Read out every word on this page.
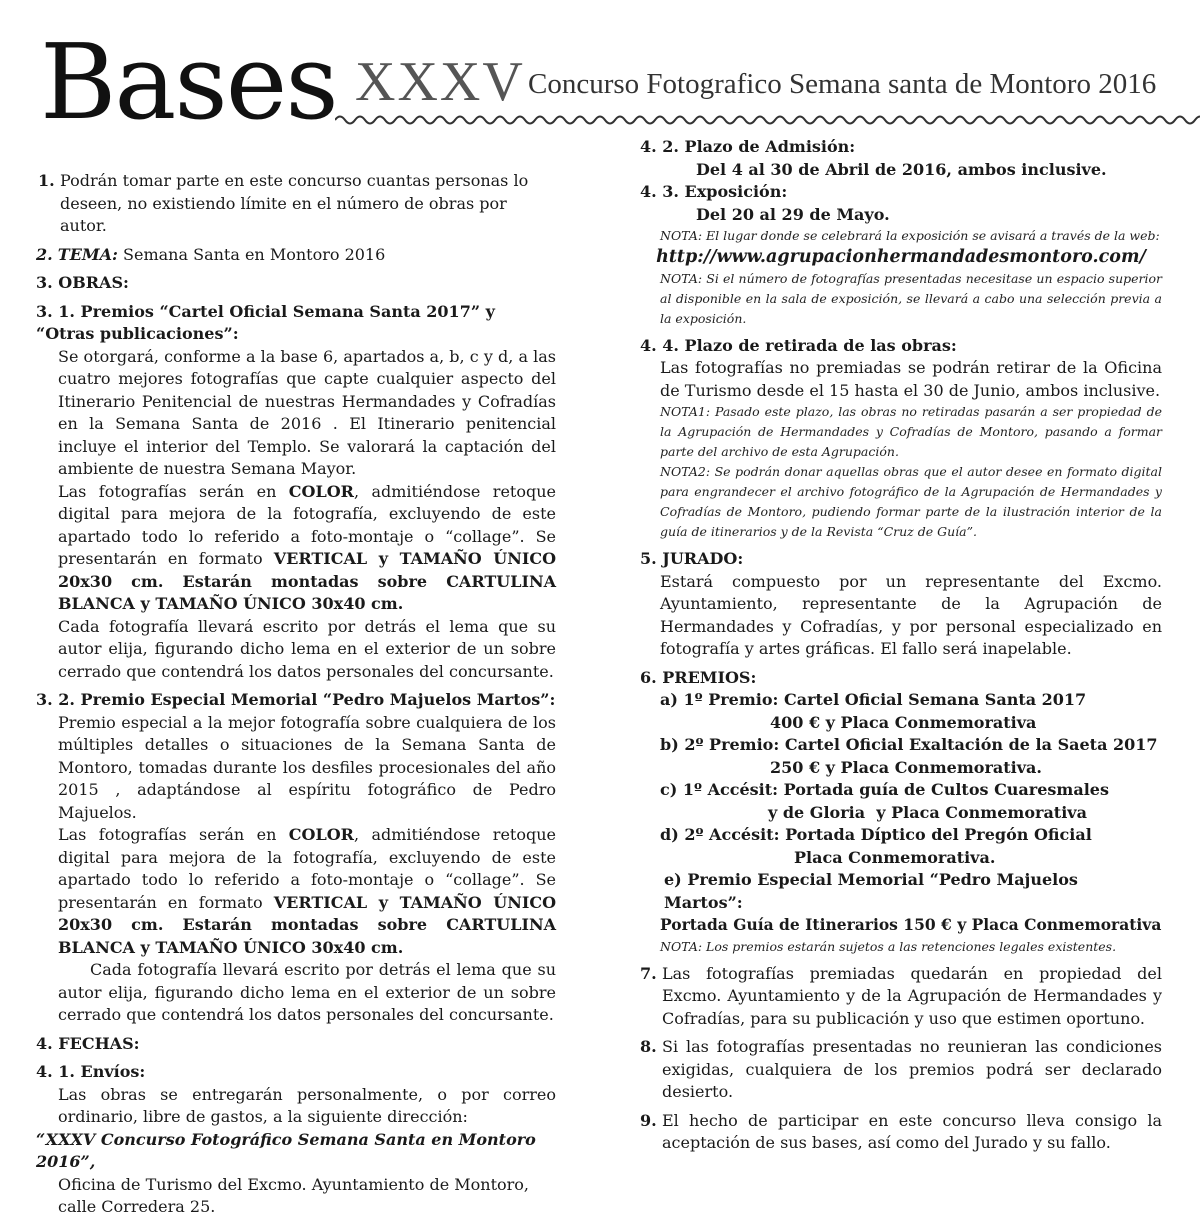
Bases XXXV Concurso Fotografico Semana santa de Montoro 2016
1. Podrán tomar parte en este concurso cuantas personas lo deseen, no existiendo límite en el número de obras por autor.

2. TEMA: Semana Santa en Montoro 2016

3. OBRAS:

3. 1. Premios “Cartel Oficial Semana Santa 2017” y “Otras publicaciones”:

Se otorgará, conforme a la base 6, apartados a, b, c y d, a las cuatro mejores fotografías que capte cualquier aspecto del Itinerario Penitencial de nuestras Hermandades y Cofradías en la Semana Santa de 2016 . El Itinerario penitencial incluye el interior del Templo. Se valorará la captación del ambiente de nuestra Semana Mayor.

Las fotografías serán en COLOR, admitiéndose retoque digital para mejora de la fotografía, excluyendo de este apartado todo lo referido a foto-montaje o “collage”. Se presentarán en formato VERTICAL y TAMAÑO ÚNICO 20x30 cm. Estarán montadas sobre CARTULINA BLANCA y TAMAÑO ÚNICO 30x40 cm.

Cada fotografía llevará escrito por detrás el lema que su autor elija, figurando dicho lema en el exterior de un sobre cerrado que contendrá los datos personales del concursante.

3. 2. Premio Especial Memorial “Pedro Majuelos Martos”:

Premio especial a la mejor fotografía sobre cualquiera de los múltiples detalles o situaciones de la Semana Santa de Montoro, tomadas durante los desfiles procesionales del año 2015 , adaptándose al espíritu fotográfico de Pedro Majuelos.

Las fotografías serán en COLOR, admitiéndose retoque digital para mejora de la fotografía, excluyendo de este apartado todo lo referido a foto-montaje o “collage”. Se presentarán en formato VERTICAL y TAMAÑO ÚNICO 20x30 cm. Estarán montadas sobre CARTULINA BLANCA y TAMAÑO ÚNICO 30x40 cm.

Cada fotografía llevará escrito por detrás el lema que su autor elija, figurando dicho lema en el exterior de un sobre cerrado que contendrá los datos personales del concursante.

4. FECHAS:

4. 1. Envíos:

Las obras se entregarán personalmente, o por correo ordinario, libre de gastos, a la siguiente dirección:

“XXXV Concurso Fotográfico Semana Santa en Montoro 2016”,

Oficina de Turismo del Excmo. Ayuntamiento de Montoro, calle Corredera 25.

4. 2. Plazo de Admisión:

Del 4 al 30 de Abril de 2016, ambos inclusive.

4. 3. Exposición:

Del 20 al 29 de Mayo.

NOTA: El lugar donde se celebrará la exposición se avisará a través de la web:

http://www.agrupacionhermandadesmontoro.com/

NOTA: Si el número de fotografías presentadas necesitase un espacio superior al disponible en la sala de exposición, se llevará a cabo una selección previa a la exposición.

4. 4. Plazo de retirada de las obras:

Las fotografías no premiadas se podrán retirar de la Oficina de Turismo desde el 15 hasta el 30 de Junio, ambos inclusive.

NOTA1: Pasado este plazo, las obras no retiradas pasarán a ser propiedad de la Agrupación de Hermandades y Cofradías de Montoro, pasando a formar parte del archivo de esta Agrupación.

NOTA2: Se podrán donar aquellas obras que el autor desee en formato digital para engrandecer el archivo fotográfico de la Agrupación de Hermandades y Cofradías de Montoro, pudiendo formar parte de la ilustración interior de la guía de itinerarios y de la Revista “Cruz de Guía”.

5. JURADO:

Estará compuesto por un representante del Excmo. Ayuntamiento, representante de la Agrupación de Hermandades y Cofradías, y por personal especializado en fotografía y artes gráficas. El fallo será inapelable.

6. PREMIOS:

a) 1º Premio: Cartel Oficial Semana Santa 2017

400 € y Placa Conmemorativa

b) 2º Premio: Cartel Oficial Exaltación de la Saeta 2017

250 € y Placa Conmemorativa.

c) 1º Accésit: Portada guía de Cultos Cuaresmales

y de Gloria  y Placa Conmemorativa

d) 2º Accésit: Portada Díptico del Pregón Oficial

Placa Conmemorativa.

e) Premio Especial Memorial “Pedro Majuelos Martos”:

Portada Guía de Itinerarios 150 € y Placa Conmemorativa

NOTA: Los premios estarán sujetos a las retenciones legales existentes.

7. Las fotografías premiadas quedarán en propiedad del Excmo. Ayuntamiento y de la Agrupación de Hermandades y Cofradías, para su publicación y uso que estimen oportuno.
8. Si las fotografías presentadas no reunieran las condiciones exigidas, cualquiera de los premios podrá ser declarado desierto.
9. El hecho de participar en este concurso lleva consigo la aceptación de sus bases, así como del Jurado y su fallo.
